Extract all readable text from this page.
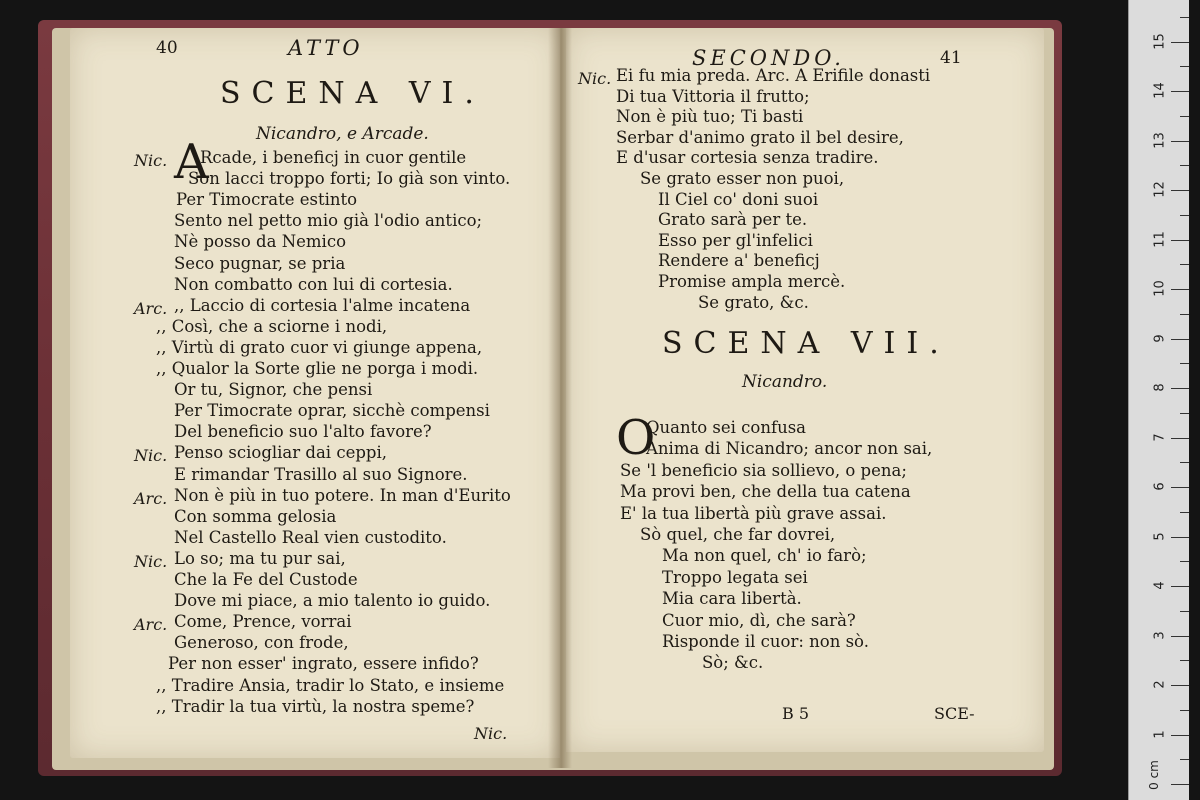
40	ATTO
SCENA VI.
Nicandro, e Arcade.
A
Nic. Rcade, i beneficj in cuor gentile
Son lacci troppo forti; Io già son vinto.
Per Timocrate estinto
Sento nel petto mio già l'odio antico;
Nè posso da Nemico
Seco pugnar, se pria
Non combatto con lui di cortesia.
Arc. ,, Laccio di cortesia l'alme incatena
,, Così, che a sciorne i nodi,
,, Virtù di grato cuor vi giunge appena,
,, Qualor la Sorte glie ne porga i modi.
Or tu, Signor, che pensi
Per Timocrate oprar, sicchè compensi
Del beneficio suo l'alto favore?
Nic. Penso sciogliar dai ceppi,
E rimandar Trasillo al suo Signore.
Arc. Non è più in tuo potere. In man d'Eurito
Con somma gelosia
Nel Castello Real vien custodito.
Nic. Lo so; ma tu pur sai,
Che la Fe del Custode
Dove mi piace, a mio talento io guido.
Arc. Come, Prence, vorrai
Generoso, con frode,
Per non esser' ingrato, essere infido?
,, Tradire Ansia, tradir lo Stato, e insieme
,, Tradir la tua virtù, la nostra speme?
Nic.
SECONDO.	41
Nic. Ei fu mia preda. Arc. A Erifile donasti
Di tua Vittoria il frutto;
Non è più tuo; Ti basti
Serbar d'animo grato il bel desire,
E d'usar cortesia senza tradire.
Se grato esser non puoi,
Il Ciel co' doni suoi
Grato sarà per te.
Esso per gl'infelici
Rendere a' beneficj
Promise ampla mercè.
Se grato, &c.
SCENA VII.
Nicandro.
O
Quanto sei confusa
Anima di Nicandro; ancor non sai,
Se 'l beneficio sia sollievo, o pena;
Ma provi ben, che della tua catena
E' la tua libertà più grave assai.
Sò quel, che far dovrei,
Ma non quel, ch' io farò;
Troppo legata sei
Mia cara libertà.
Cuor mio, dì, che sarà?
Risponde il cuor: non sò.
Sò; &c.
B 5	SCE-
1
2
3
4
5
6
7
8
9
10
11
12
13
14
15
0 cm
